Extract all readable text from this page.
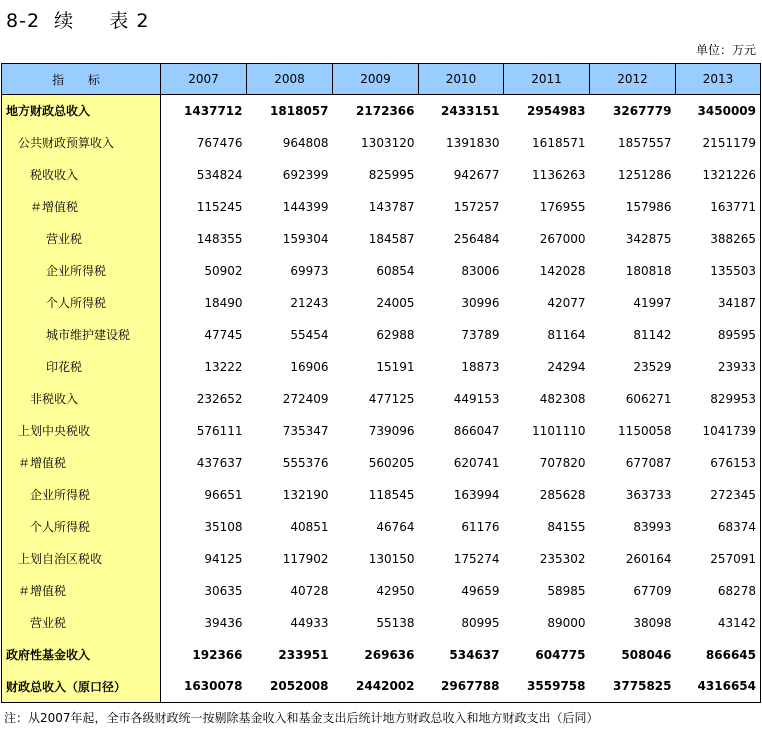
8-2  续     表 2
单位：万元
指 标	2007	2008	2009	2010	2011	2012	2013
地方财政总收入	1437712	1818057	2172366	2433151	2954983	3267779	3450009
公共财政预算收入	767476	964808	1303120	1391830	1618571	1857557	2151179
税收收入	534824	692399	825995	942677	1136263	1251286	1321226
＃增值税	115245	144399	143787	157257	176955	157986	163771
营业税	148355	159304	184587	256484	267000	342875	388265
企业所得税	50902	69973	60854	83006	142028	180818	135503
个人所得税	18490	21243	24005	30996	42077	41997	34187
城市维护建设税	47745	55454	62988	73789	81164	81142	89595
印花税	13222	16906	15191	18873	24294	23529	23933
非税收入	232652	272409	477125	449153	482308	606271	829953
上划中央税收	576111	735347	739096	866047	1101110	1150058	1041739
＃增值税	437637	555376	560205	620741	707820	677087	676153
企业所得税	96651	132190	118545	163994	285628	363733	272345
个人所得税	35108	40851	46764	61176	84155	83993	68374
上划自治区税收	94125	117902	130150	175274	235302	260164	257091
＃增值税	30635	40728	42950	49659	58985	67709	68278
营业税	39436	44933	55138	80995	89000	38098	43142
政府性基金收入	192366	233951	269636	534637	604775	508046	866645
财政总收入（原口径）	1630078	2052008	2442002	2967788	3559758	3775825	4316654
注：从2007年起，全市各级财政统一按剔除基金收入和基金支出后统计地方财政总收入和地方财政支出（后同）
